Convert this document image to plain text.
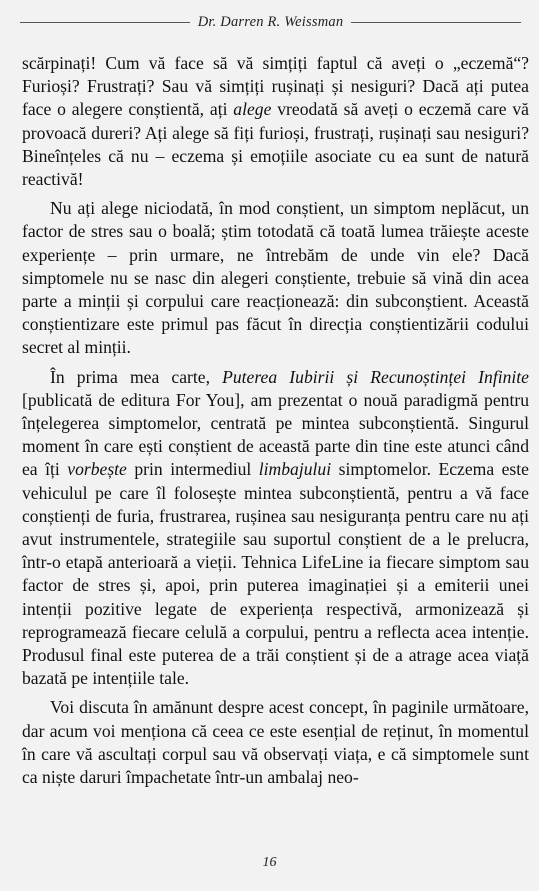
Dr. Darren R. Weissman

scărpinați! Cum vă face să vă simțiți faptul că aveți o „eczemă“? Furioși? Frustrați? Sau vă simțiți rușinați și nesiguri? Dacă ați putea face o alegere conștientă, ați alege vreodată să aveți o eczemă care vă provoacă dureri? Ați alege să fiți furioși, frustrați, rușinați sau nesiguri? Bineînțeles că nu – eczema și emoțiile asociate cu ea sunt de natură reactivă!

Nu ați alege niciodată, în mod conștient, un simptom neplăcut, un factor de stres sau o boală; știm totodată că toată lumea trăiește aceste experiențe – prin urmare, ne întrebăm de unde vin ele? Dacă simptomele nu se nasc din alegeri conștiente, trebuie să vină din acea parte a minții și corpului care reacționează: din subconștient. Această conștientizare este primul pas făcut în direcția conștientizării codului secret al minții.

În prima mea carte, Puterea Iubirii și Recunoștinței Infinite [publicată de editura For You], am prezentat o nouă paradigmă pentru înțelegerea simptomelor, centrată pe mintea subconștientă. Singurul moment în care ești conștient de această parte din tine este atunci când ea îți vorbește prin intermediul limbajului simptomelor. Eczema este vehiculul pe care îl folosește mintea subconștientă, pentru a vă face conștienți de furia, frustrarea, rușinea sau nesiguranța pentru care nu ați avut instrumentele, strategiile sau suportul conștient de a le prelucra, într-o etapă anterioară a vieții. Tehnica LifeLine ia fiecare simptom sau factor de stres și, apoi, prin puterea imaginației și a emiterii unei intenții pozitive legate de experiența respectivă, armonizează și reprogramează fiecare celulă a corpului, pentru a reflecta acea intenție. Produsul final este puterea de a trăi conștient și de a atrage acea viață bazată pe intențiile tale.

Voi discuta în amănunt despre acest concept, în paginile următoare, dar acum voi menționa că ceea ce este esențial de reținut, în momentul în care vă ascultați corpul sau vă observați viața, e că simptomele sunt ca niște daruri împachetate într-un ambalaj neo-

16
